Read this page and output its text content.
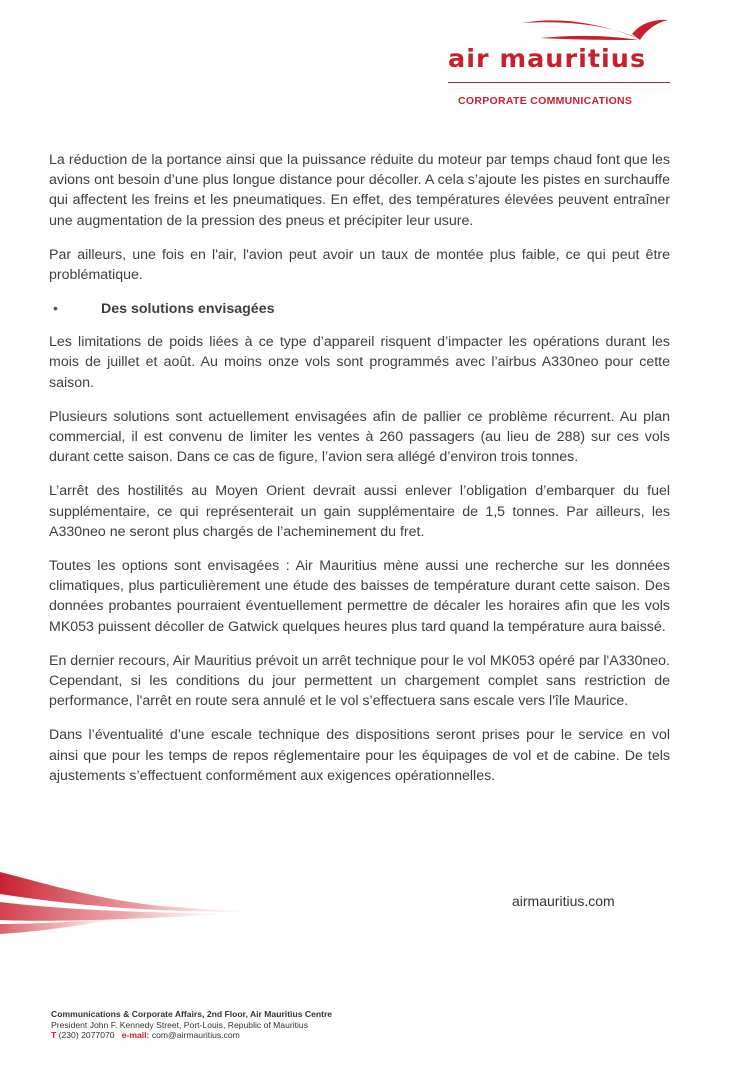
air mauritius
CORPORATE COMMUNICATIONS

La réduction de la portance ainsi que la puissance réduite du moteur par temps chaud font que les avions ont besoin d’une plus longue distance pour décoller. A cela s’ajoute les pistes en surchauffe qui affectent les freins et les pneumatiques. En effet, des températures élevées peuvent entraîner une augmentation de la pression des pneus et précipiter leur usure.

Par ailleurs, une fois en l'air, l'avion peut avoir un taux de montée plus faible, ce qui peut être problématique.

•	Des solutions envisagées

Les limitations de poids liées à ce type d’appareil risquent d’impacter les opérations durant les mois de juillet et août. Au moins onze vols sont programmés avec l’airbus A330neo pour cette saison.

Plusieurs solutions sont actuellement envisagées afin de pallier ce problème récurrent. Au plan commercial, il est convenu de limiter les ventes à 260 passagers (au lieu de 288) sur ces vols durant cette saison. Dans ce cas de figure, l’avion sera allégé d’environ trois tonnes.

L’arrêt des hostilités au Moyen Orient devrait aussi enlever l’obligation d’embarquer du fuel supplémentaire, ce qui représenterait un gain supplémentaire de 1,5 tonnes. Par ailleurs, les A330neo ne seront plus chargés de l’acheminement du fret.

Toutes les options sont envisagées : Air Mauritius mène aussi une recherche sur les données climatiques, plus particulièrement une étude des baisses de température durant cette saison. Des données probantes pourraient éventuellement permettre de décaler les horaires afin que les vols MK053 puissent décoller de Gatwick quelques heures plus tard quand la température aura baissé.

En dernier recours, Air Mauritius prévoit un arrêt technique pour le vol MK053 opéré par l'A330neo. Cependant, si les conditions du jour permettent un chargement complet sans restriction de performance, l'arrêt en route sera annulé et le vol s’effectuera sans escale vers l'île Maurice.

Dans l’éventualité d’une escale technique des dispositions seront prises pour le service en vol ainsi que pour les temps de repos réglementaire pour les équipages de vol et de cabine. De tels ajustements s’effectuent conformément aux exigences opérationnelles.

airmauritius.com
Communications & Corporate Affairs, 2nd Floor, Air Mauritius Centre
President John F. Kennedy Street, Port-Louis, Republic of Mauritius
T (230) 2077070 e-mail: com@airmauritius.com
